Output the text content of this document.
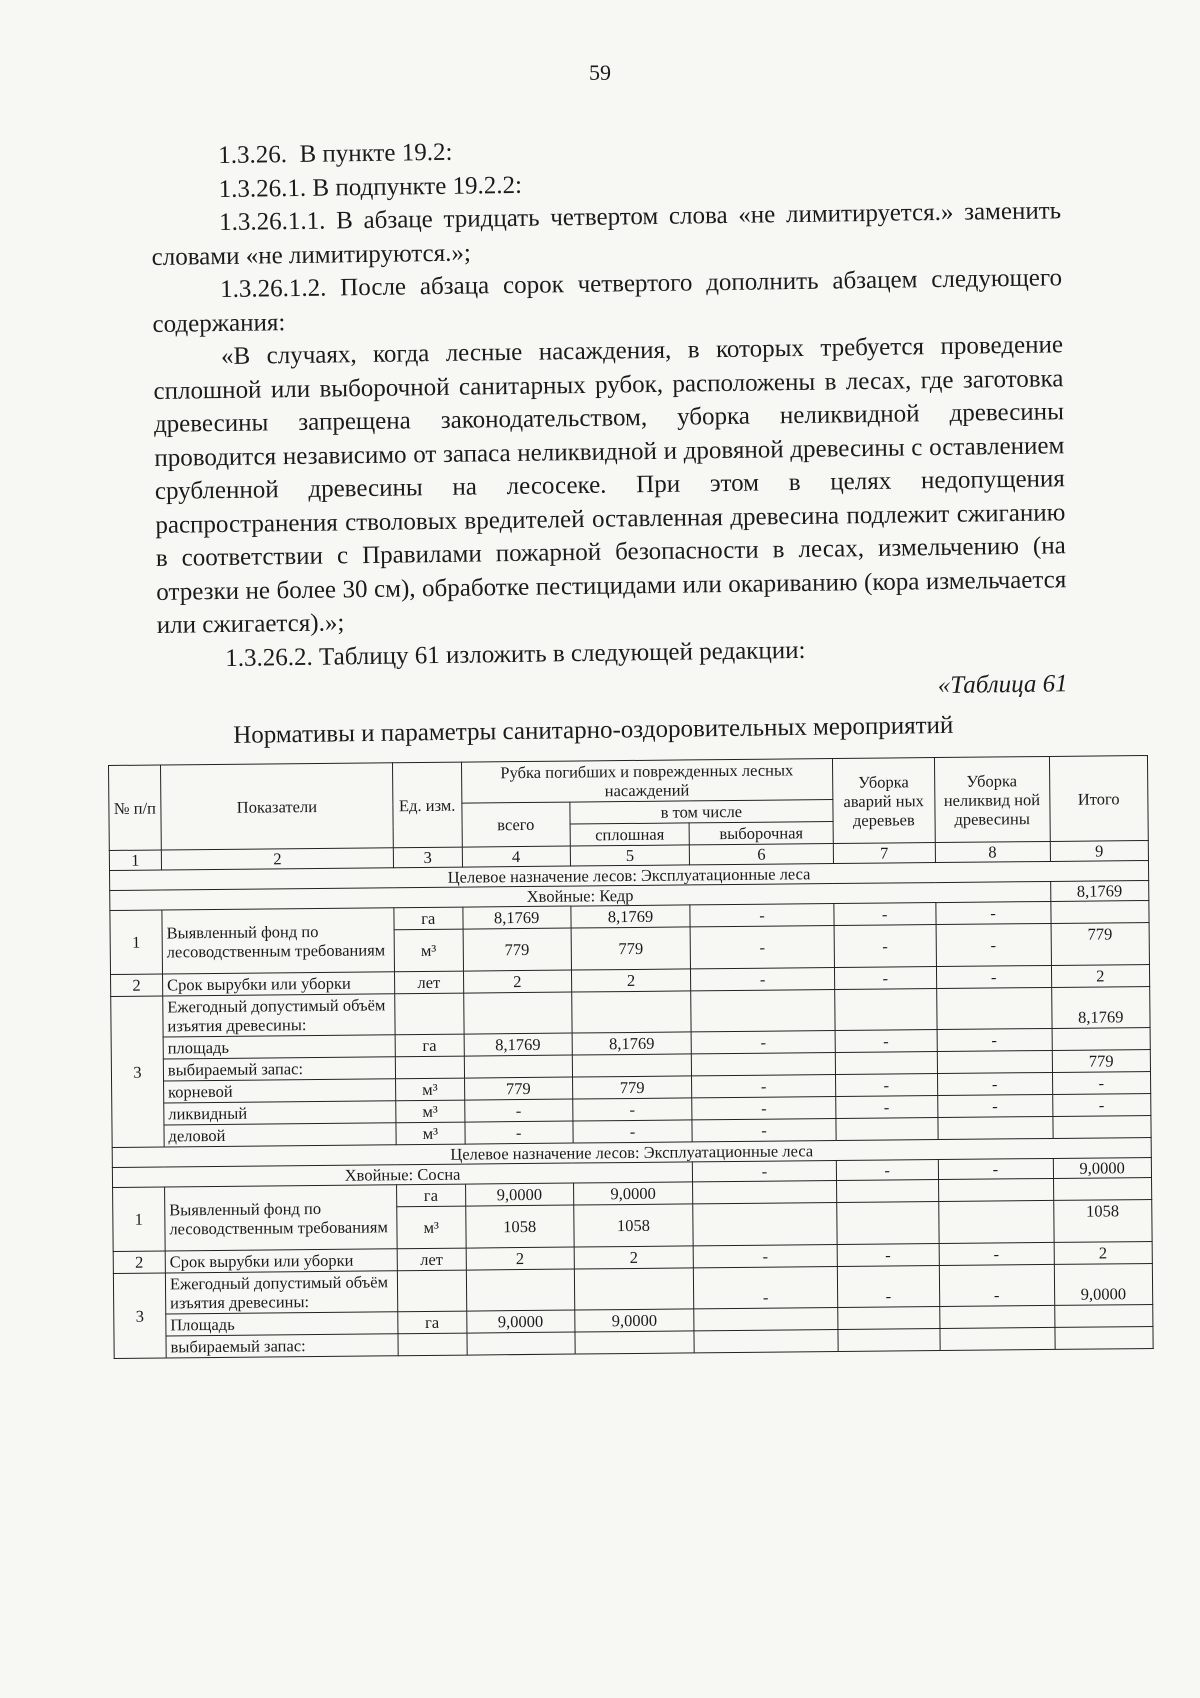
59

1.3.26.  В пункте 19.2:

1.3.26.1. В подпункте 19.2.2:

1.3.26.1.1. В абзаце тридцать четвертом слова «не лимитируется.» заменить словами «не лимитируются.»;

1.3.26.1.2. После абзаца сорок четвертого дополнить абзацем следующего содержания:

«В случаях, когда лесные насаждения, в которых требуется проведение сплошной или выборочной санитарных рубок, расположены в лесах, где заготовка древесины запрещена законодательством, уборка неликвидной древесины проводится независимо от запаса неликвидной и дровяной древесины с оставлением срубленной древесины на лесосеке. При этом в целях недопущения распространения стволовых вредителей оставленная древесина подлежит сжиганию в соответствии с Правилами пожарной безопасности в лесах, измельчению (на отрезки не более 30 см), обработке пестицидами или окариванию (кора измельчается или сжигается).»;

1.3.26.2. Таблицу 61 изложить в следующей редакции:

«Таблица 61
Нормативы и параметры санитарно-оздоровительных мероприятий
№ п/п	Показатели	Ед. изм.	Рубка погибших и поврежденных лесных насаждений			Уборка аварий ных деревьев	Уборка неликвид ной древесины	Итого
			всего	в том числе				
				сплошная	выборочная			
1	2	3	4	5	6	7	8	9
Целевое назначение лесов: Эксплуатационные леса								
Хвойные: Кедр								8,1769
1	Выявленный фонд по лесоводственным требованиям	га	8,1769	8,1769	-	-	-	
		м³	779	779	-	-	-	779
2	Срок вырубки или уборки	лет	2	2	-	-	-	2
3	Ежегодный допустимый объём изъятия древесины:							8,1769
	площадь	га	8,1769	8,1769	-	-	-	
	выбираемый запас:							779
	корневой	м³	779	779	-	-	-	-
	ликвидный	м³	-	-	-	-	-	-
	деловой	м³	-	-	-			
Целевое назначение лесов: Эксплуатационные леса								
Хвойные: Сосна					-	-	-	9,0000
1	Выявленный фонд по лесоводственным требованиям	га	9,0000	9,0000				
		м³	1058	1058				1058
2	Срок вырубки или уборки	лет	2	2	-	-	-	2
3	Ежегодный допустимый объём изъятия древесины:				-	-	-	9,0000
	Площадь	га	9,0000	9,0000				
	выбираемый запас:							
